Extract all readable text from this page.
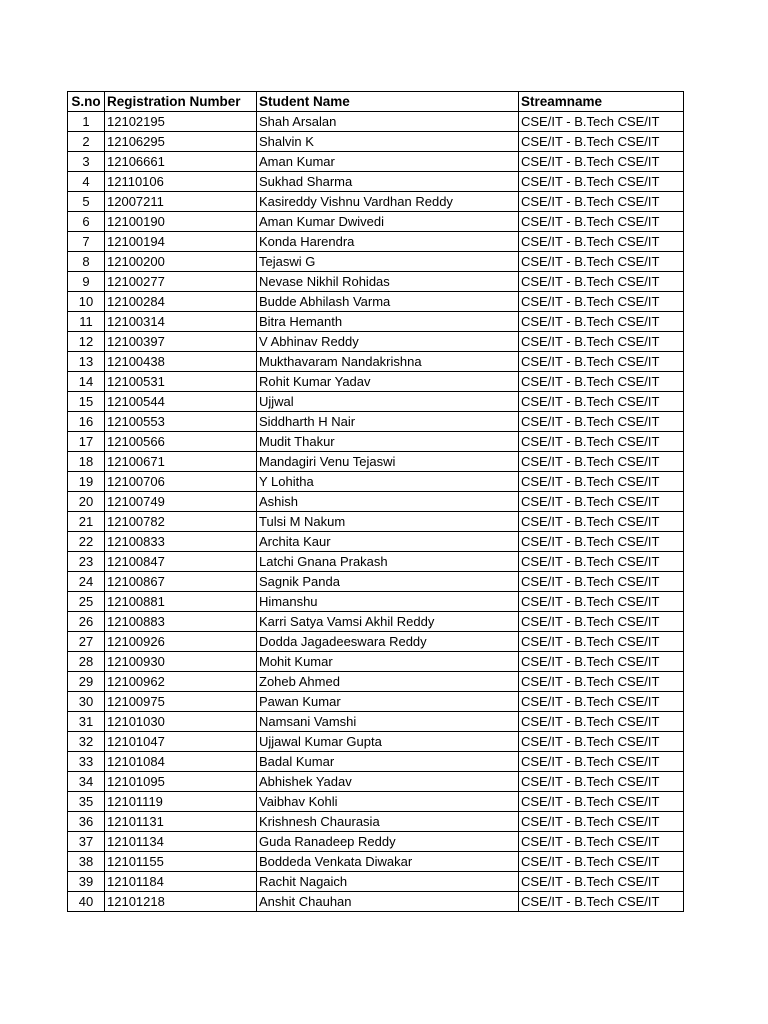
S.no	Registration Number	Student Name	Streamname
1	12102195	Shah Arsalan	CSE/IT - B.Tech CSE/IT
2	12106295	Shalvin K	CSE/IT - B.Tech CSE/IT
3	12106661	Aman Kumar	CSE/IT - B.Tech CSE/IT
4	12110106	Sukhad Sharma	CSE/IT - B.Tech CSE/IT
5	12007211	Kasireddy Vishnu Vardhan Reddy	CSE/IT - B.Tech CSE/IT
6	12100190	Aman Kumar Dwivedi	CSE/IT - B.Tech CSE/IT
7	12100194	Konda Harendra	CSE/IT - B.Tech CSE/IT
8	12100200	Tejaswi G	CSE/IT - B.Tech CSE/IT
9	12100277	Nevase Nikhil Rohidas	CSE/IT - B.Tech CSE/IT
10	12100284	Budde Abhilash Varma	CSE/IT - B.Tech CSE/IT
11	12100314	Bitra Hemanth	CSE/IT - B.Tech CSE/IT
12	12100397	V Abhinav Reddy	CSE/IT - B.Tech CSE/IT
13	12100438	Mukthavaram Nandakrishna	CSE/IT - B.Tech CSE/IT
14	12100531	Rohit Kumar Yadav	CSE/IT - B.Tech CSE/IT
15	12100544	Ujjwal	CSE/IT - B.Tech CSE/IT
16	12100553	Siddharth H Nair	CSE/IT - B.Tech CSE/IT
17	12100566	Mudit Thakur	CSE/IT - B.Tech CSE/IT
18	12100671	Mandagiri Venu Tejaswi	CSE/IT - B.Tech CSE/IT
19	12100706	Y Lohitha	CSE/IT - B.Tech CSE/IT
20	12100749	Ashish	CSE/IT - B.Tech CSE/IT
21	12100782	Tulsi M Nakum	CSE/IT - B.Tech CSE/IT
22	12100833	Archita Kaur	CSE/IT - B.Tech CSE/IT
23	12100847	Latchi Gnana Prakash	CSE/IT - B.Tech CSE/IT
24	12100867	Sagnik Panda	CSE/IT - B.Tech CSE/IT
25	12100881	Himanshu	CSE/IT - B.Tech CSE/IT
26	12100883	Karri Satya Vamsi Akhil Reddy	CSE/IT - B.Tech CSE/IT
27	12100926	Dodda Jagadeeswara Reddy	CSE/IT - B.Tech CSE/IT
28	12100930	Mohit Kumar	CSE/IT - B.Tech CSE/IT
29	12100962	Zoheb Ahmed	CSE/IT - B.Tech CSE/IT
30	12100975	Pawan Kumar	CSE/IT - B.Tech CSE/IT
31	12101030	Namsani Vamshi	CSE/IT - B.Tech CSE/IT
32	12101047	Ujjawal Kumar Gupta	CSE/IT - B.Tech CSE/IT
33	12101084	Badal Kumar	CSE/IT - B.Tech CSE/IT
34	12101095	Abhishek Yadav	CSE/IT - B.Tech CSE/IT
35	12101119	Vaibhav Kohli	CSE/IT - B.Tech CSE/IT
36	12101131	Krishnesh Chaurasia	CSE/IT - B.Tech CSE/IT
37	12101134	Guda Ranadeep Reddy	CSE/IT - B.Tech CSE/IT
38	12101155	Boddeda Venkata Diwakar	CSE/IT - B.Tech CSE/IT
39	12101184	Rachit Nagaich	CSE/IT - B.Tech CSE/IT
40	12101218	Anshit Chauhan	CSE/IT - B.Tech CSE/IT
